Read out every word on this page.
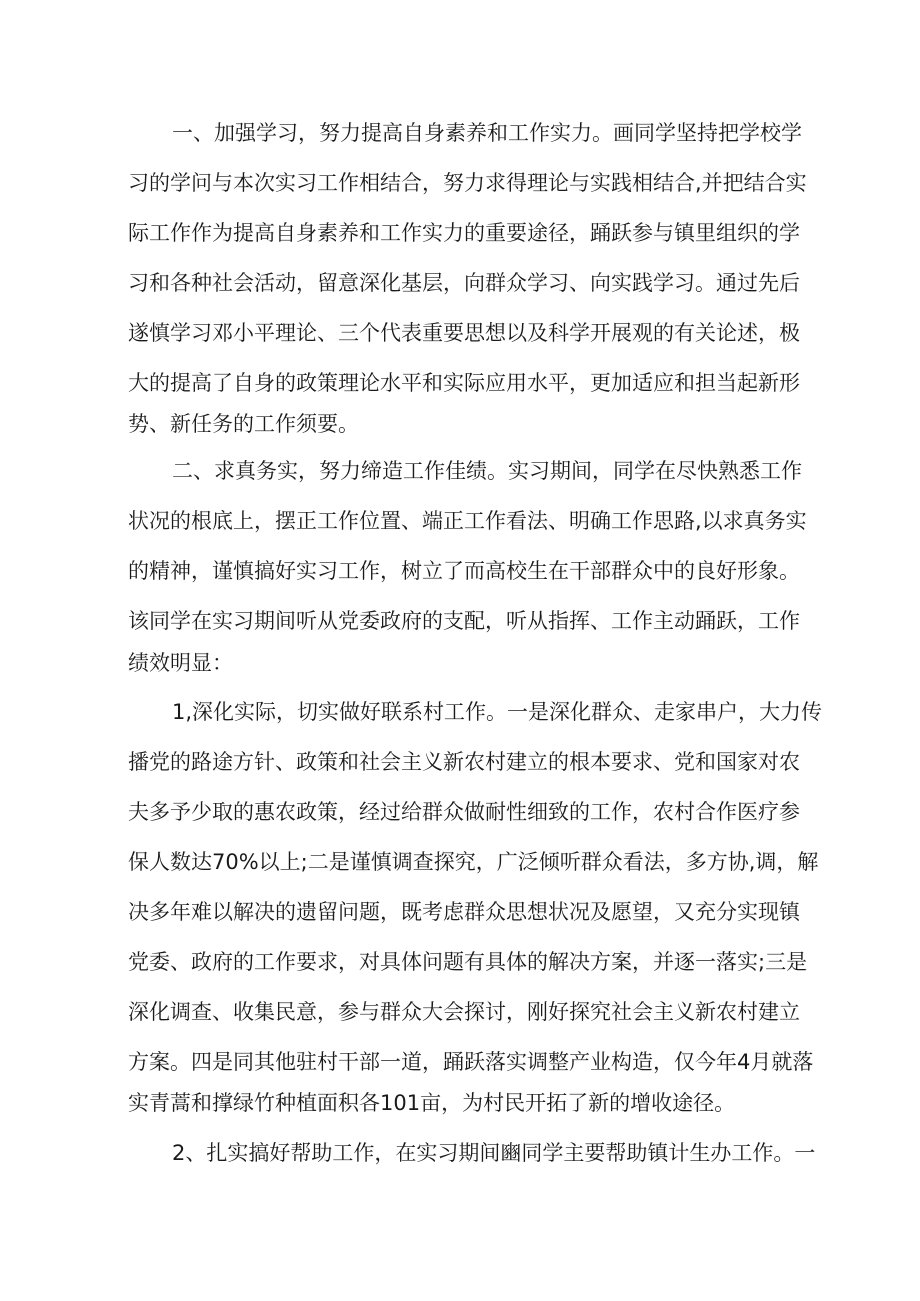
一、加强学习，努力提高自身素养和工作实力。画同学坚持把学校学
习的学问与本次实习工作相结合，努力求得理论与实践相结合,并把结合实
际工作作为提高自身素养和工作实力的重要途径，踊跃参与镇里组织的学
习和各种社会活动，留意深化基层，向群众学习、向实践学习。通过先后
遂慎学习邓小平理论、三个代表重要思想以及科学开展观的有关论述，极
大的提高了自身的政策理论水平和实际应用水平，更加适应和担当起新形
势、新任务的工作须要。
二、求真务实，努力缔造工作佳绩。实习期间，同学在尽快熟悉工作
状况的根底上，摆正工作位置、端正工作看法、明确工作思路,以求真务实
的精神，谨慎搞好实习工作，树立了而高校生在干部群众中的良好形象。
该同学在实习期间听从党委政府的支配，听从指挥、工作主动踊跃，工作
绩效明显：
1,深化实际，切实做好联系村工作。一是深化群众、走家串户，大力传
播党的路途方针、政策和社会主义新农村建立的根本要求、党和国家对农
夫多予少取的惠农政策，经过给群众做耐性细致的工作，农村合作医疗参
保人数达70%以上;二是谨慎调查探究，广泛倾听群众看法，多方协,调，解
决多年难以解决的遗留问题，既考虑群众思想状况及愿望，又充分实现镇
党委、政府的工作要求，对具体问题有具体的解决方案，并逐一落实;三是
深化调查、收集民意，参与群众大会探讨，刚好探究社会主义新农村建立
方案。四是同其他驻村干部一道，踊跃落实调整产业构造，仅今年4月就落
实青蒿和撑绿竹种植面积各101亩，为村民开拓了新的增收途径。
2、扎实搞好帮助工作，在实习期间豳同学主要帮助镇计生办工作。一
